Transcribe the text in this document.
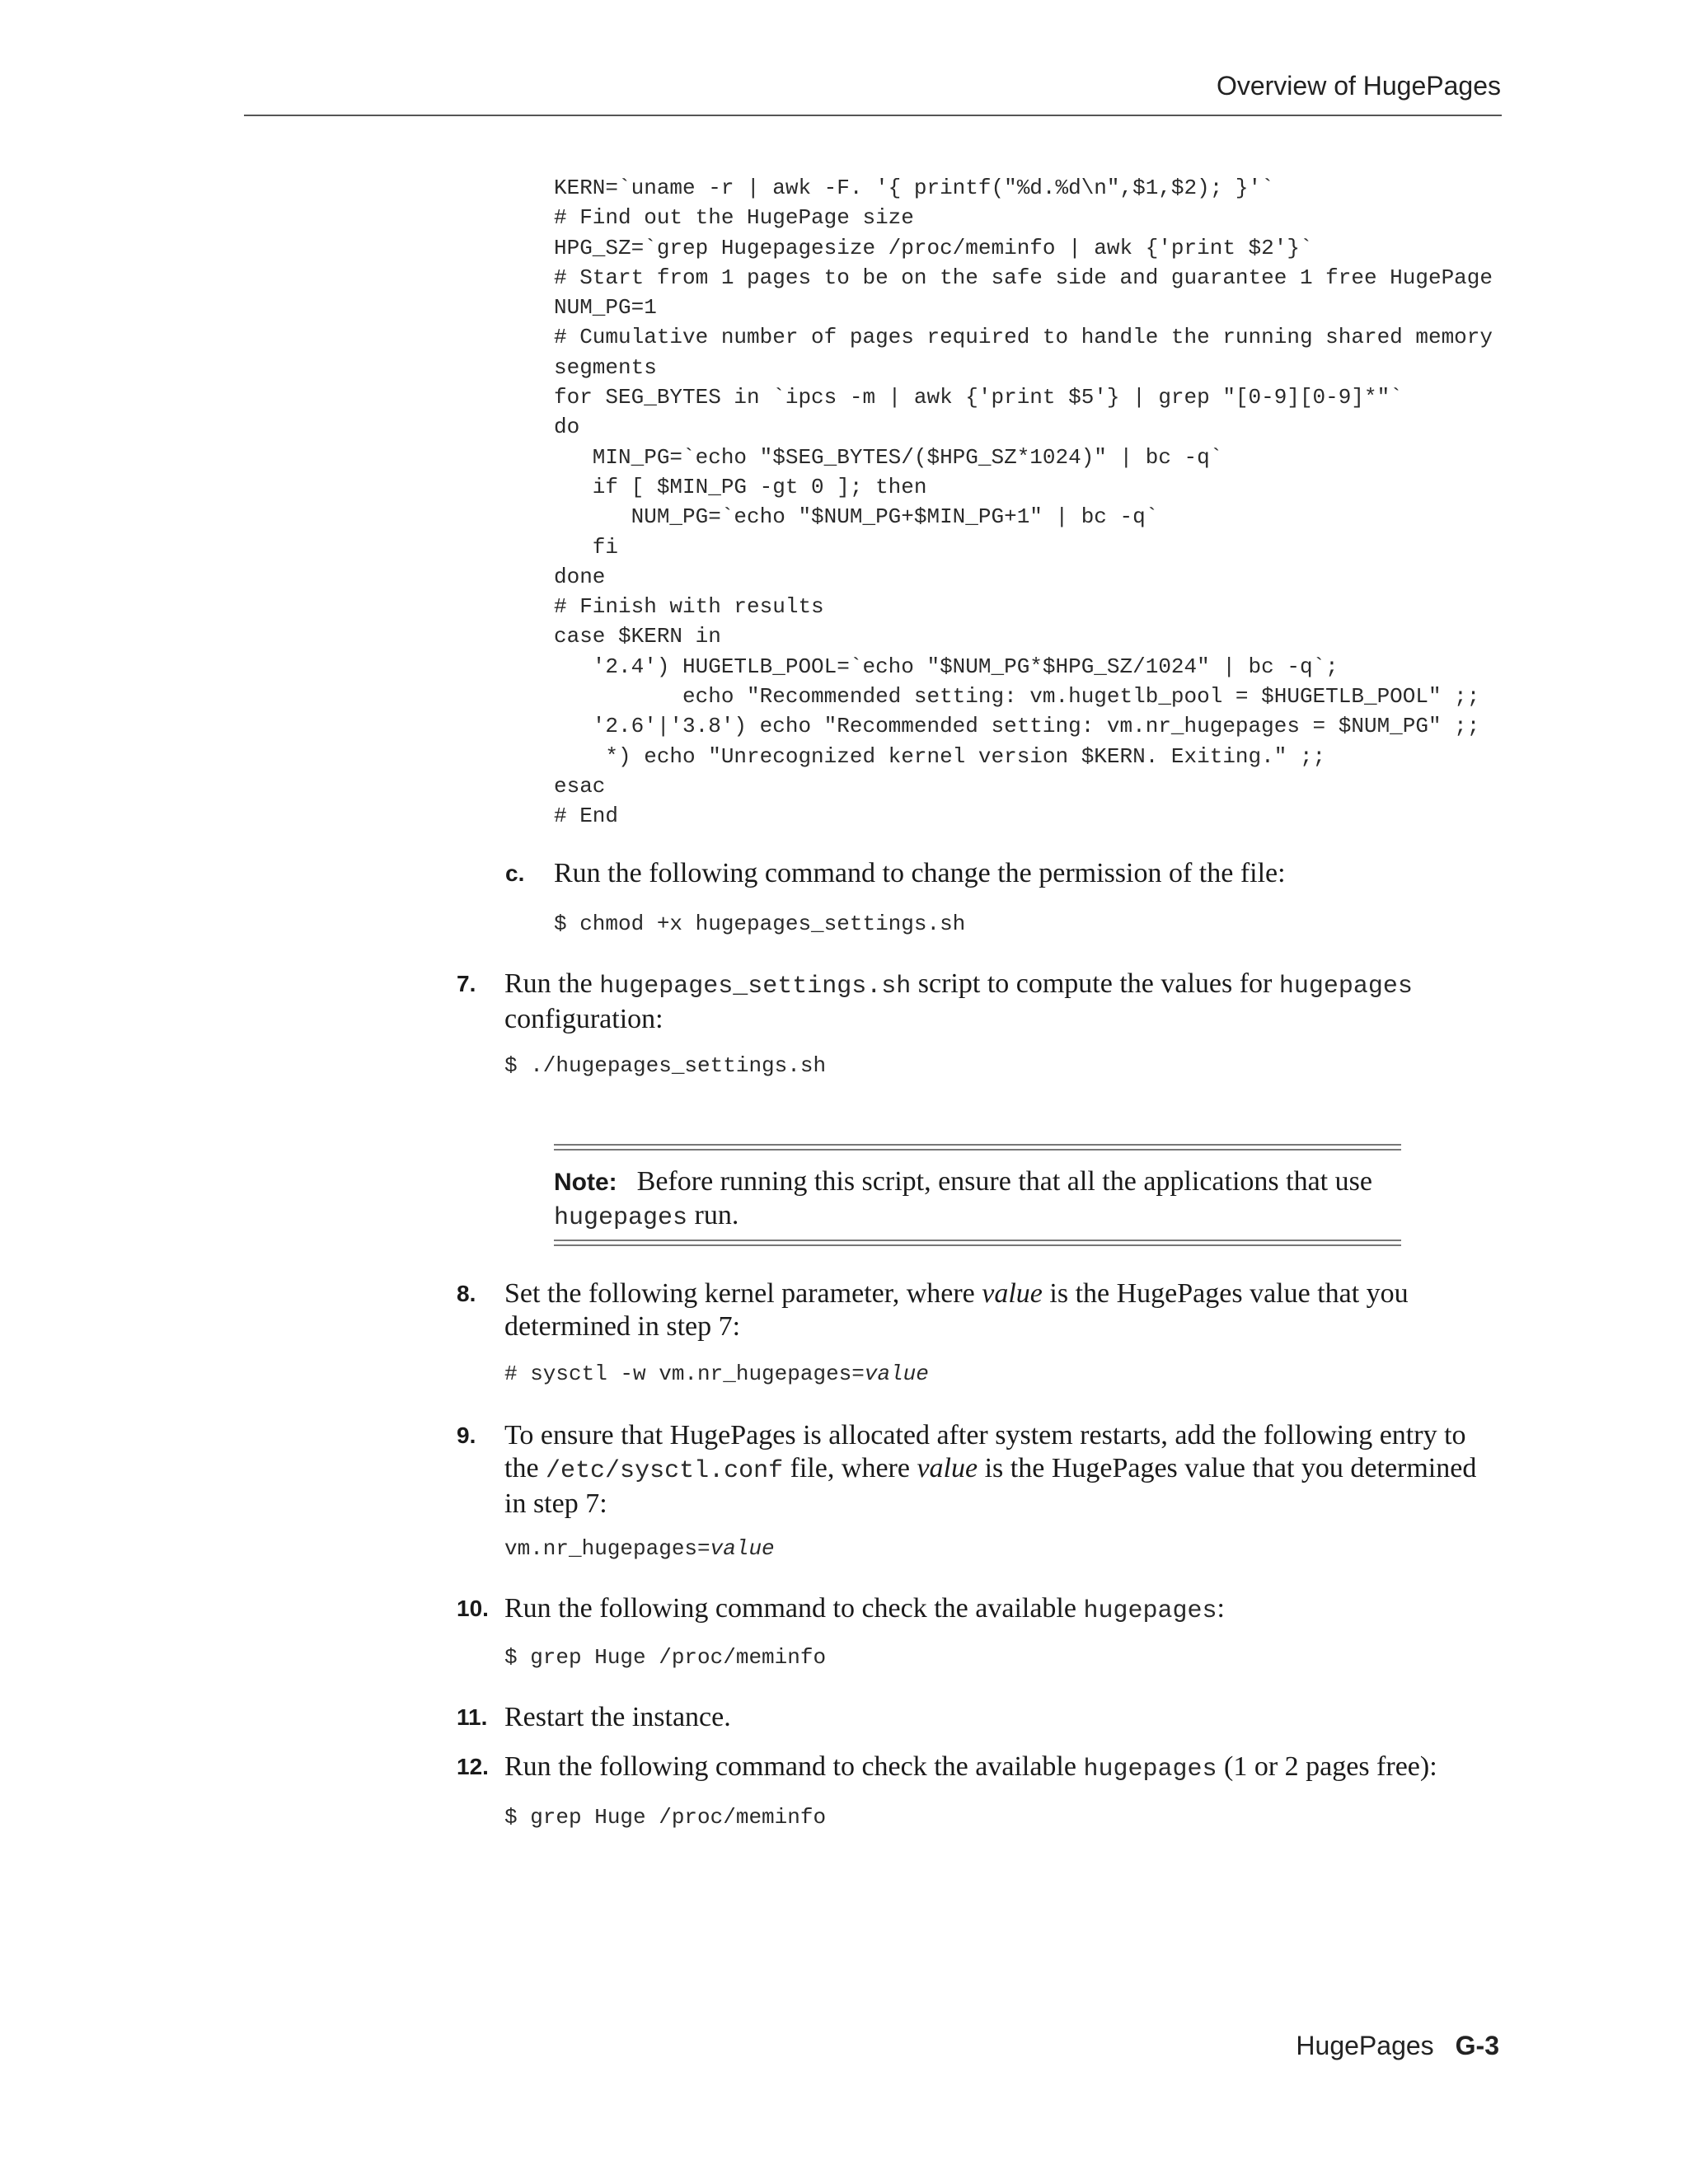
Overview of HugePages
KERN=`uname -r | awk -F. '{ printf("%d.%d\n",$1,$2); }'`
# Find out the HugePage size
HPG_SZ=`grep Hugepagesize /proc/meminfo | awk {'print $2'}`
# Start from 1 pages to be on the safe side and guarantee 1 free HugePage
NUM_PG=1
# Cumulative number of pages required to handle the running shared memory
segments
for SEG_BYTES in `ipcs -m | awk {'print $5'} | grep "[0-9][0-9]*"`
do
MIN_PG=`echo "$SEG_BYTES/($HPG_SZ*1024)" | bc -q`
if [ $MIN_PG -gt 0 ]; then
NUM_PG=`echo "$NUM_PG+$MIN_PG+1" | bc -q`
fi
done
# Finish with results
case $KERN in
'2.4') HUGETLB_POOL=`echo "$NUM_PG*$HPG_SZ/1024" | bc -q`;
echo "Recommended setting: vm.hugetlb_pool = $HUGETLB_POOL" ;;
'2.6'|'3.8') echo "Recommended setting: vm.nr_hugepages = $NUM_PG" ;;
*) echo "Unrecognized kernel version $KERN. Exiting." ;;
esac
# End
c. Run the following command to change the permission of the file:
$ chmod +x hugepages_settings.sh
7. Run the hugepages_settings.sh script to compute the values for hugepages configuration:
$ ./hugepages_settings.sh
Note: Before running this script, ensure that all the applications that use hugepages run.
8. Set the following kernel parameter, where value is the HugePages value that you determined in step 7:
# sysctl -w vm.nr_hugepages=value
9. To ensure that HugePages is allocated after system restarts, add the following entry to the /etc/sysctl.conf file, where value is the HugePages value that you determined in step 7:
vm.nr_hugepages=value
10. Run the following command to check the available hugepages:
$ grep Huge /proc/meminfo
11. Restart the instance.
12. Run the following command to check the available hugepages (1 or 2 pages free):
$ grep Huge /proc/meminfo
HugePages G-3
